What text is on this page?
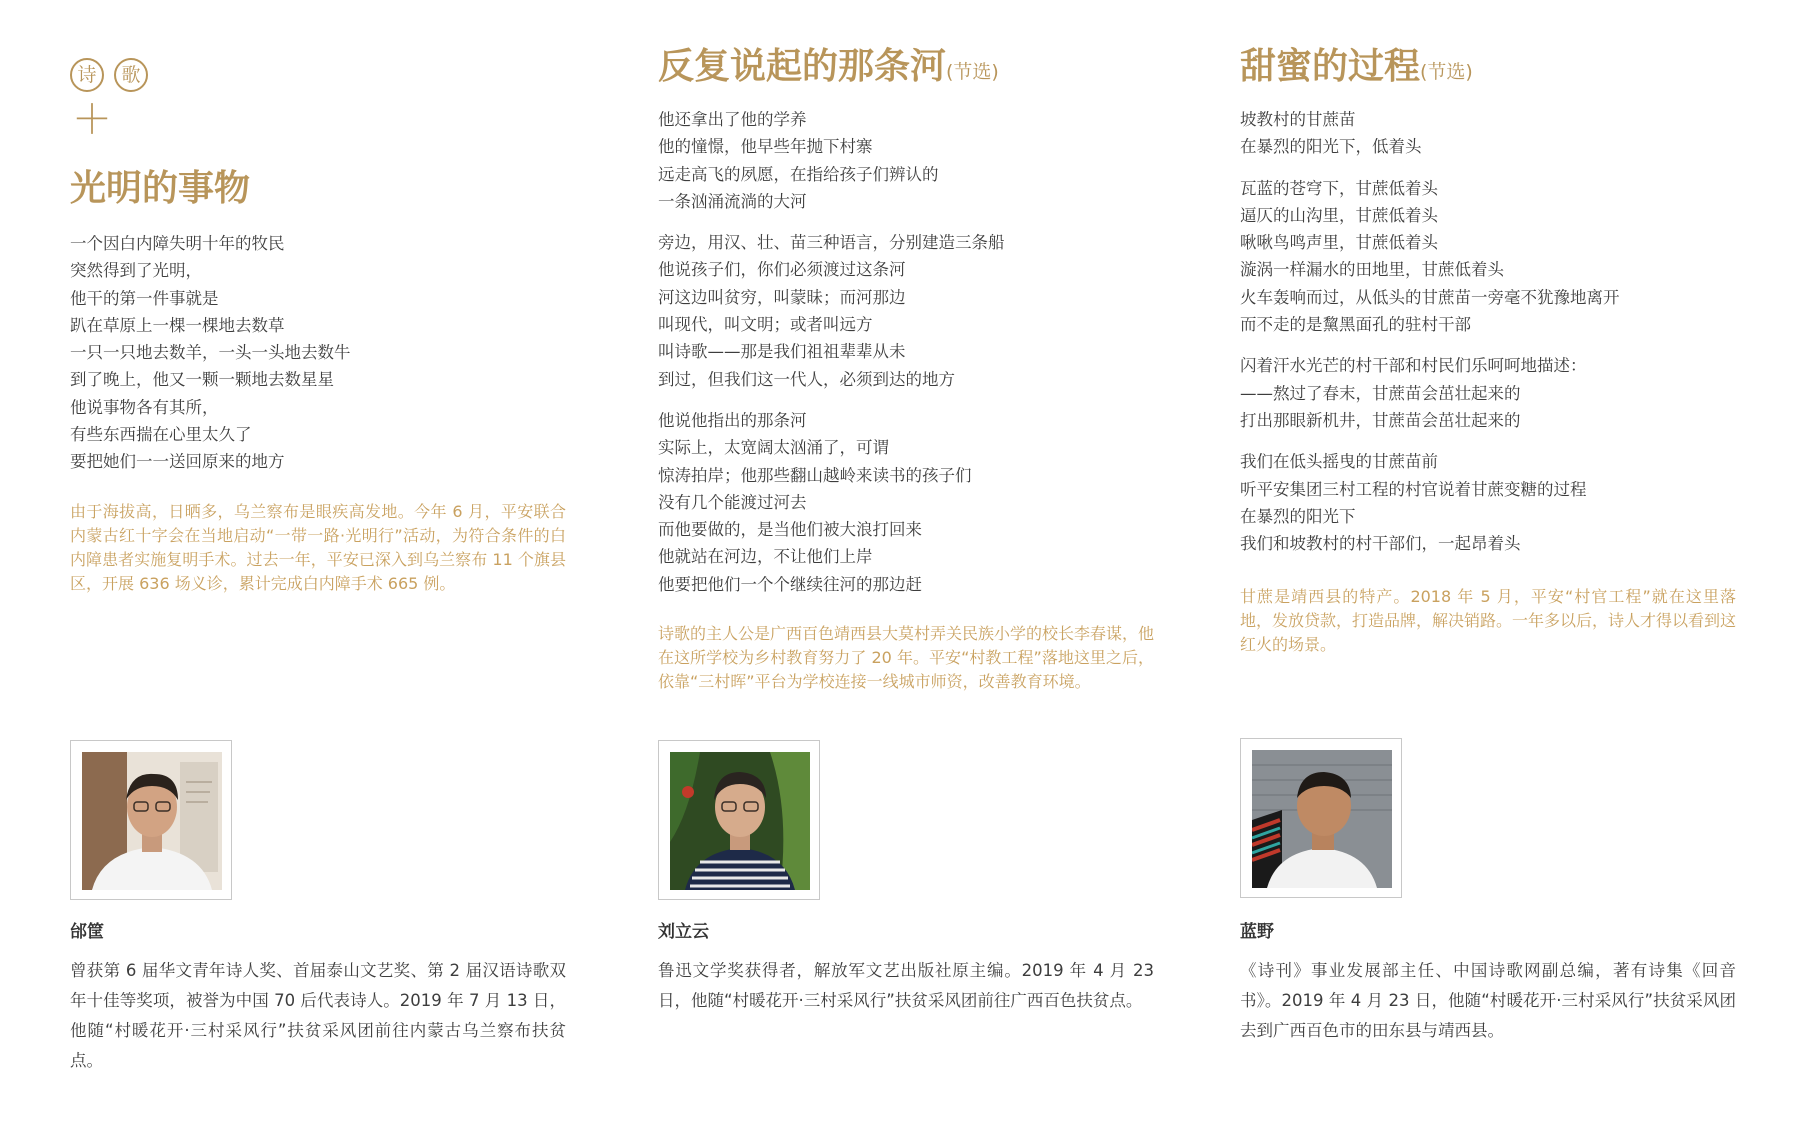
诗	歌
＋
光明的事物
一个因白内障失明十年的牧民
突然得到了光明，
他干的第一件事就是
趴在草原上一棵一棵地去数草
一只一只地去数羊，一头一头地去数牛
到了晚上，他又一颗一颗地去数星星
他说事物各有其所，
有些东西揣在心里太久了
要把她们一一送回原来的地方
由于海拔高，日晒多，乌兰察布是眼疾高发地。今年 6 月，平安联合内蒙古红十字会在当地启动“一带一路·光明行”活动，为符合条件的白内障患者实施复明手术。过去一年，平安已深入到乌兰察布 11 个旗县区，开展 636 场义诊，累计完成白内障手术 665 例。
邰筐
曾获第 6 届华文青年诗人奖、首届泰山文艺奖、第 2 届汉语诗歌双年十佳等奖项，被誉为中国 70 后代表诗人。2019 年 7 月 13 日，他随“村暖花开·三村采风行”扶贫采风团前往内蒙古乌兰察布扶贫点。
反复说起的那条河(节选)
他还拿出了他的学养
他的憧憬，他早些年抛下村寨
远走高飞的夙愿，在指给孩子们辨认的
一条汹涌流淌的大河
旁边，用汉、壮、苗三种语言，分别建造三条船
他说孩子们，你们必须渡过这条河
河这边叫贫穷，叫蒙昧；而河那边
叫现代，叫文明；或者叫远方
叫诗歌——那是我们祖祖辈辈从未
到过，但我们这一代人，必须到达的地方
他说他指出的那条河
实际上，太宽阔太汹涌了，可谓
惊涛拍岸；他那些翻山越岭来读书的孩子们
没有几个能渡过河去
而他要做的，是当他们被大浪打回来
他就站在河边，不让他们上岸
他要把他们一个个继续往河的那边赶
诗歌的主人公是广西百色靖西县大莫村弄关民族小学的校长李春谋，他在这所学校为乡村教育努力了 20 年。平安“村教工程”落地这里之后，依靠“三村晖”平台为学校连接一线城市师资，改善教育环境。
刘立云
鲁迅文学奖获得者，解放军文艺出版社原主编。2019 年 4 月 23 日，他随“村暖花开·三村采风行”扶贫采风团前往广西百色扶贫点。
甜蜜的过程(节选)
坡教村的甘蔗苗
在暴烈的阳光下，低着头
瓦蓝的苍穹下，甘蔗低着头
逼仄的山沟里，甘蔗低着头
啾啾鸟鸣声里，甘蔗低着头
漩涡一样漏水的田地里，甘蔗低着头
火车轰响而过，从低头的甘蔗苗一旁毫不犹豫地离开
而不走的是黧黑面孔的驻村干部
闪着汗水光芒的村干部和村民们乐呵呵地描述：
——熬过了春末，甘蔗苗会茁壮起来的
打出那眼新机井，甘蔗苗会茁壮起来的
我们在低头摇曳的甘蔗苗前
听平安集团三村工程的村官说着甘蔗变糖的过程
在暴烈的阳光下
我们和坡教村的村干部们，一起昂着头
甘蔗是靖西县的特产。2018 年 5 月，平安“村官工程”就在这里落地，发放贷款，打造品牌，解决销路。一年多以后，诗人才得以看到这红火的场景。
蓝野
《诗刊》事业发展部主任、中国诗歌网副总编，著有诗集《回音书》。2019 年 4 月 23 日，他随“村暖花开·三村采风行”扶贫采风团去到广西百色市的田东县与靖西县。
